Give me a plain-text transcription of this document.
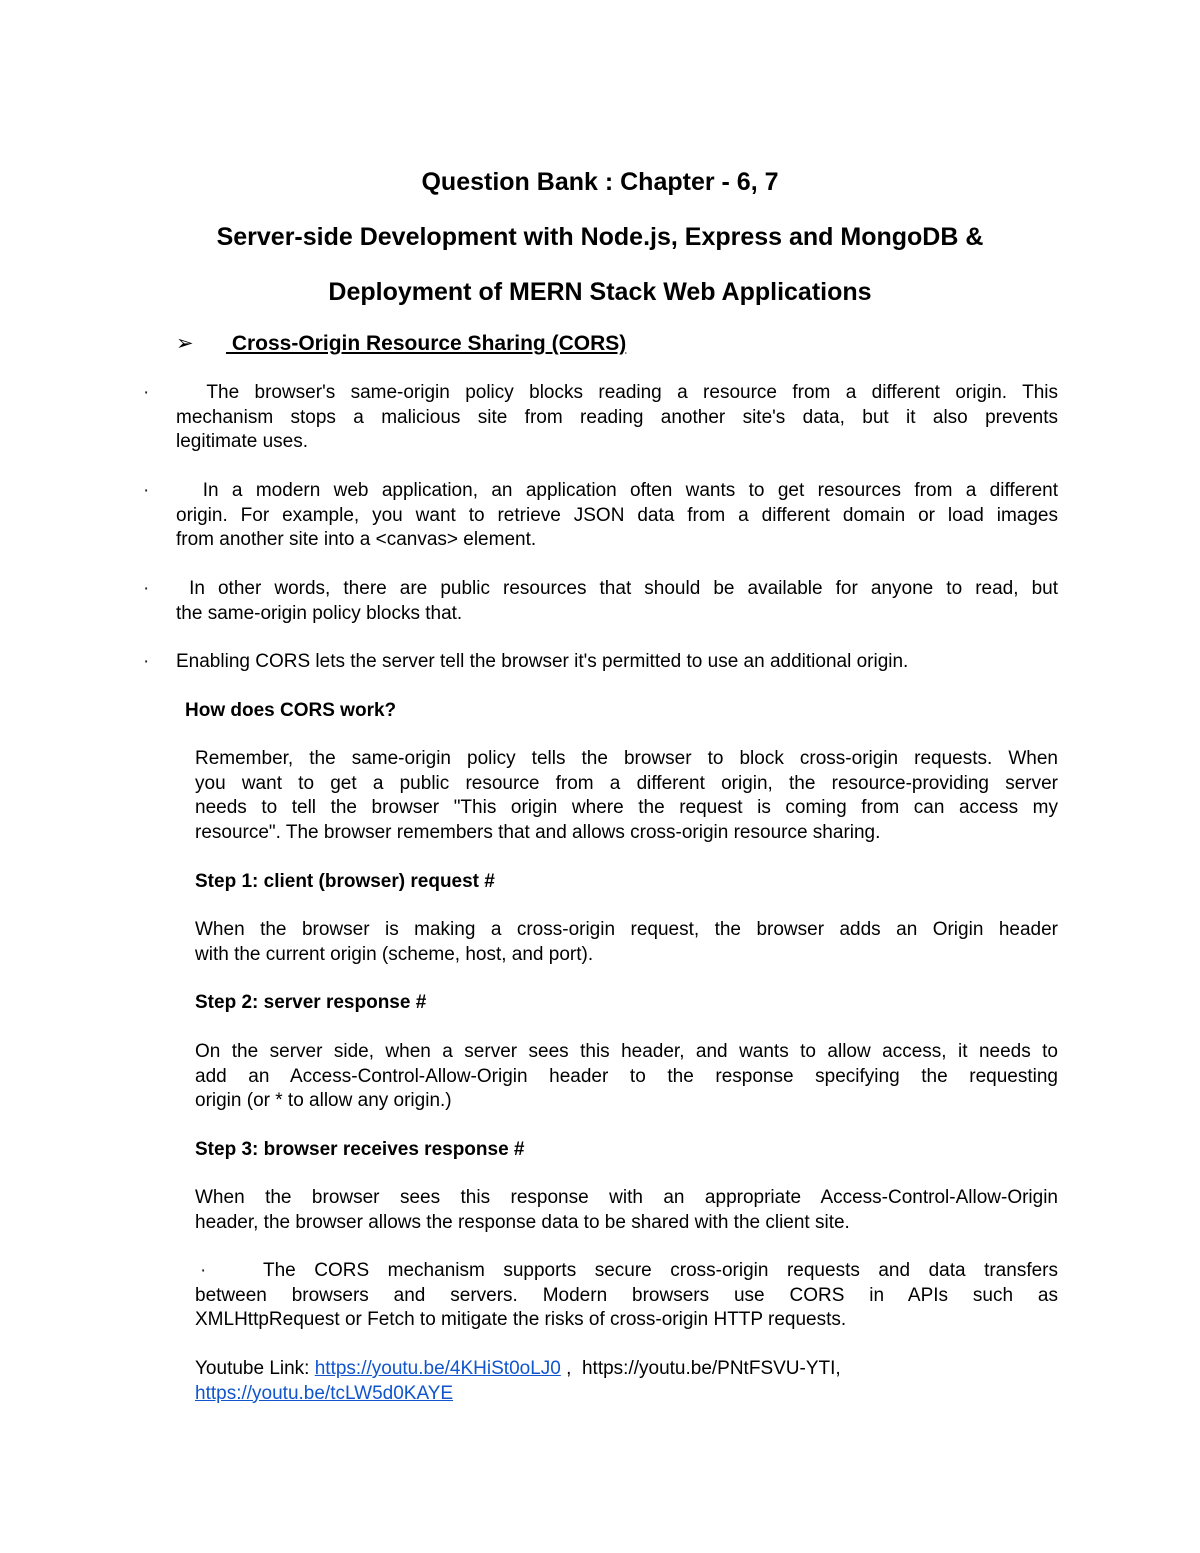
Question Bank : Chapter - 6, 7
Server-side Development with Node.js, Express and MongoDB &
Deployment of MERN Stack Web Applications
➢ Cross-Origin Resource Sharing (CORS)
· The browser's same-origin policy blocks reading a resource from a different origin. This
mechanism stops a malicious site from reading another site's data, but it also prevents
legitimate uses.
· In a modern web application, an application often wants to get resources from a different
origin. For example, you want to retrieve JSON data from a different domain or load images
from another site into a <canvas> element.
· In other words, there are public resources that should be available for anyone to read, but
the same-origin policy blocks that.
· Enabling CORS lets the server tell the browser it's permitted to use an additional origin.
How does CORS work?
Remember, the same-origin policy tells the browser to block cross-origin requests. When
you want to get a public resource from a different origin, the resource-providing server
needs to tell the browser "This origin where the request is coming from can access my
resource". The browser remembers that and allows cross-origin resource sharing.
Step 1: client (browser) request #
When the browser is making a cross-origin request, the browser adds an Origin header
with the current origin (scheme, host, and port).
Step 2: server response #
On the server side, when a server sees this header, and wants to allow access, it needs to
add an Access-Control-Allow-Origin header to the response specifying the requesting
origin (or * to allow any origin.)
Step 3: browser receives response #
When the browser sees this response with an appropriate Access-Control-Allow-Origin
header, the browser allows the response data to be shared with the client site.
·	The CORS mechanism supports secure cross-origin requests and data transfers
between browsers and servers. Modern browsers use CORS in APIs such as
XMLHttpRequest or Fetch to mitigate the risks of cross-origin HTTP requests.
Youtube Link: https://youtu.be/4KHiSt0oLJ0 ,  https://youtu.be/PNtFSVU-YTI,
https://youtu.be/tcLW5d0KAYE
